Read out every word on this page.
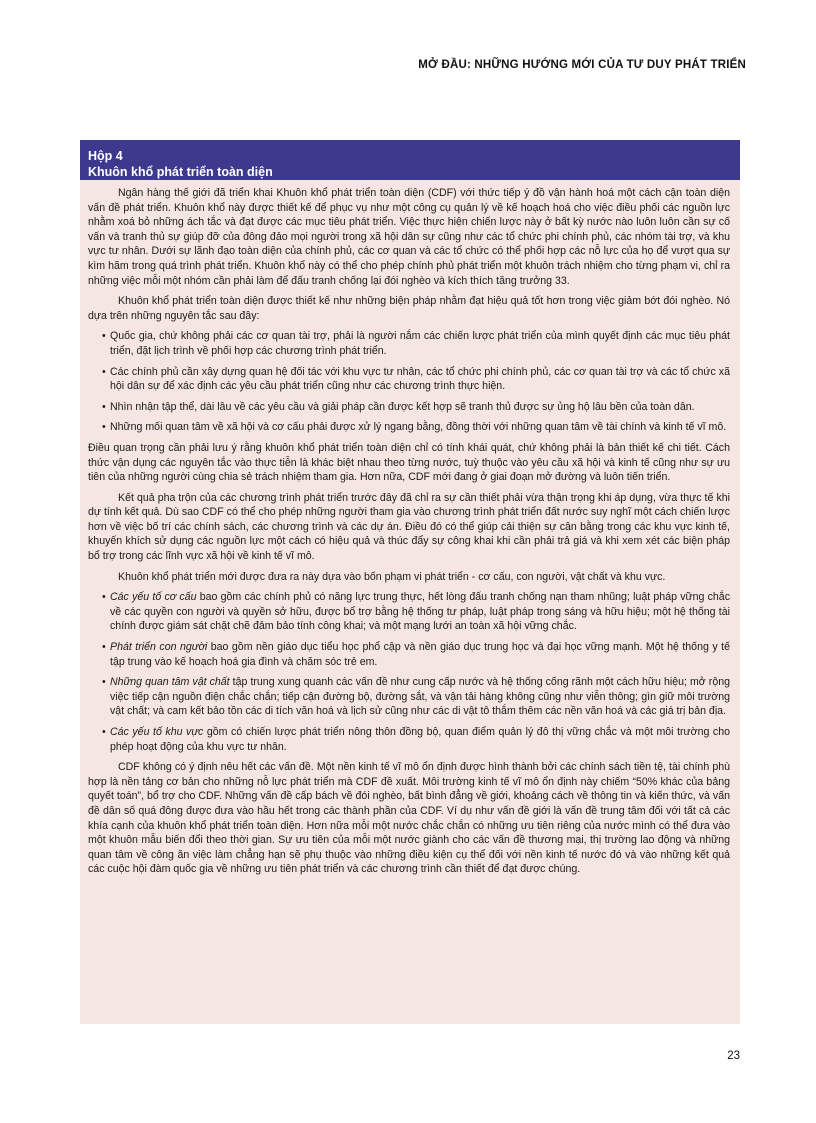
MỞ ĐẦU: NHỮNG HƯỚNG MỚI CỦA TƯ DUY PHÁT TRIỂN
Hộp 4
Khuôn khổ phát triển toàn diện

Ngân hàng thế giới đã triển khai Khuôn khổ phát triển toàn diện (CDF) với thức tiếp ý đồ vận hành hoá một cách cận toàn diện vấn đề phát triển. Khuôn khổ này được thiết kế để phục vụ như một công cụ quản lý về kế hoạch hoá cho việc điều phối các nguồn lực nhằm xoá bỏ những ách tắc và đạt được các mục tiêu phát triển. Việc thực hiện chiến lược này ở bất kỳ nước nào luôn luôn cần sự cố vấn và tranh thủ sự giúp đỡ của đông đảo mọi người trong xã hội dân sự cũng như các tổ chức phi chính phủ, các nhóm tài trợ, và khu vực tư nhân. Dưới sự lãnh đạo toàn diện của chính phủ, các cơ quan và các tổ chức có thể phối hợp các nỗ lực của họ để vượt qua sự kìm hãm trong quá trình phát triển. Khuôn khổ này có thể cho phép chính phủ phát triển một khuôn trách nhiệm cho từng phạm vi, chỉ ra những việc mỗi một nhóm cần phải làm để đấu tranh chống lại đói nghèo và kích thích tăng trưởng 33.

Khuôn khổ phát triển toàn diện được thiết kế như những biện pháp nhằm đạt hiệu quả tốt hơn trong việc giảm bớt đói nghèo. Nó dựa trên những nguyên tắc sau đây:

• Quốc gia, chứ không phải các cơ quan tài trợ, phải là người nắm các chiến lược phát triển của mình quyết định các mục tiêu phát triển, đặt lịch trình về phối hợp các chương trình phát triển.
• Các chính phủ cần xây dựng quan hệ đối tác với khu vực tư nhân, các tổ chức phi chính phủ, các cơ quan tài trợ và các tổ chức xã hội dân sự để xác định các yêu cầu phát triển cũng như các chương trình thực hiện.
• Nhìn nhận tập thể, dài lâu về các yêu cầu và giải pháp cần được kết hợp sẽ tranh thủ được sự ủng hộ lâu bền của toàn dân.
• Những mối quan tâm về xã hội và cơ cấu phải được xử lý ngang bằng, đồng thời với những quan tâm về tài chính và kinh tế vĩ mô.

Điều quan trọng cần phải lưu ý rằng khuôn khổ phát triển toàn diện chỉ có tính khái quát, chứ không phải là bản thiết kế chi tiết. Cách thức vận dụng các nguyên tắc vào thực tiễn là khác biệt nhau theo từng nước, tuỳ thuộc vào yêu cầu xã hội và kinh tế cũng như sự ưu tiên của những người cùng chia sẻ trách nhiệm tham gia. Hơn nữa, CDF mới đang ở giai đoạn mở đường và luôn tiến triển.

Kết quả pha trộn của các chương trình phát triển trước đây đã chỉ ra sự cần thiết phải vừa thận trọng khi áp dụng, vừa thực tế khi dự tính kết quả. Dù sao CDF có thể cho phép những người tham gia vào chương trình phát triển đất nước suy nghĩ một cách chiến lược hơn về việc bố trí các chính sách, các chương trình và các dự án. Điều đó có thể giúp cải thiện sự cân bằng trong các khu vực kinh tế, khuyến khích sử dụng các nguồn lực một cách có hiệu quả và thúc đẩy sự công khai khi cần phải trả giá và khi xem xét các biện pháp bổ trợ trong các lĩnh vực xã hội về kinh tế vĩ mô.

Khuôn khổ phát triển mới được đưa ra này dựa vào bốn phạm vi phát triển - cơ cấu, con người, vật chất và khu vực.

• Các yếu tố cơ cấu bao gồm các chính phủ có năng lực trung thực, hết lòng đấu tranh chống nạn tham nhũng; luật pháp vững chắc về các quyền con người và quyền sở hữu, được bổ trợ bằng hệ thống tư pháp, luật pháp trong sáng và hữu hiệu; một hệ thống tài chính được giám sát chặt chẽ đảm bảo tính công khai; và một mạng lưới an toàn xã hội vững chắc.
• Phát triển con người bao gồm nền giáo dục tiểu học phổ cập và nền giáo dục trung học và đại học vững mạnh. Một hệ thống y tế tập trung vào kế hoạch hoá gia đình và chăm sóc trẻ em.
• Những quan tâm vật chất tập trung xung quanh các vấn đề như cung cấp nước và hệ thống cống rãnh một cách hữu hiệu; mở rộng việc tiếp cận nguồn điện chắc chắn; tiếp cận đường bộ, đường sắt, và vận tải hàng không cũng như viễn thông; gìn giữ môi trường vật chất; và cam kết bảo tồn các di tích văn hoá và lịch sử cũng như các di vật tô thắm thêm các nền văn hoá và các giá trị bản địa.
• Các yếu tố khu vực gồm có chiến lược phát triển nông thôn đồng bộ, quan điểm quản lý đô thị vững chắc và một môi trường cho phép hoạt động của khu vực tư nhân.

CDF không có ý định nêu hết các vấn đề. Một nền kinh tế vĩ mô ổn định được hình thành bởi các chính sách tiền tệ, tài chính phù hợp là nền tảng cơ bản cho những nỗ lực phát triển mà CDF đề xuất. Môi trường kinh tế vĩ mô ổn định này chiếm “50% khác của bảng quyết toán”, bổ trợ cho CDF. Những vấn đề cấp bách về đói nghèo, bất bình đẳng về giới, khoảng cách về thông tin và kiến thức, và vấn đề dân số quá đông được đưa vào hầu hết trong các thành phần của CDF. Ví dụ như vấn đề giới là vấn đề trung tâm đối với tất cả các khía cạnh của khuôn khổ phát triển toàn diện. Hơn nữa mỗi một nước chắc chắn có những ưu tiên riêng của nước mình có thể đưa vào một khuôn mẫu biến đổi theo thời gian. Sự ưu tiên của mỗi một nước giành cho các vấn đề thương mại, thị trường lao động và những quan tâm về công ăn việc làm chẳng hạn sẽ phụ thuộc vào những điều kiện cụ thể đối với nền kinh tế nước đó và vào những kết quả các cuộc hội đàm quốc gia về những ưu tiên phát triển và các chương trình cần thiết để đạt được chúng.

23
